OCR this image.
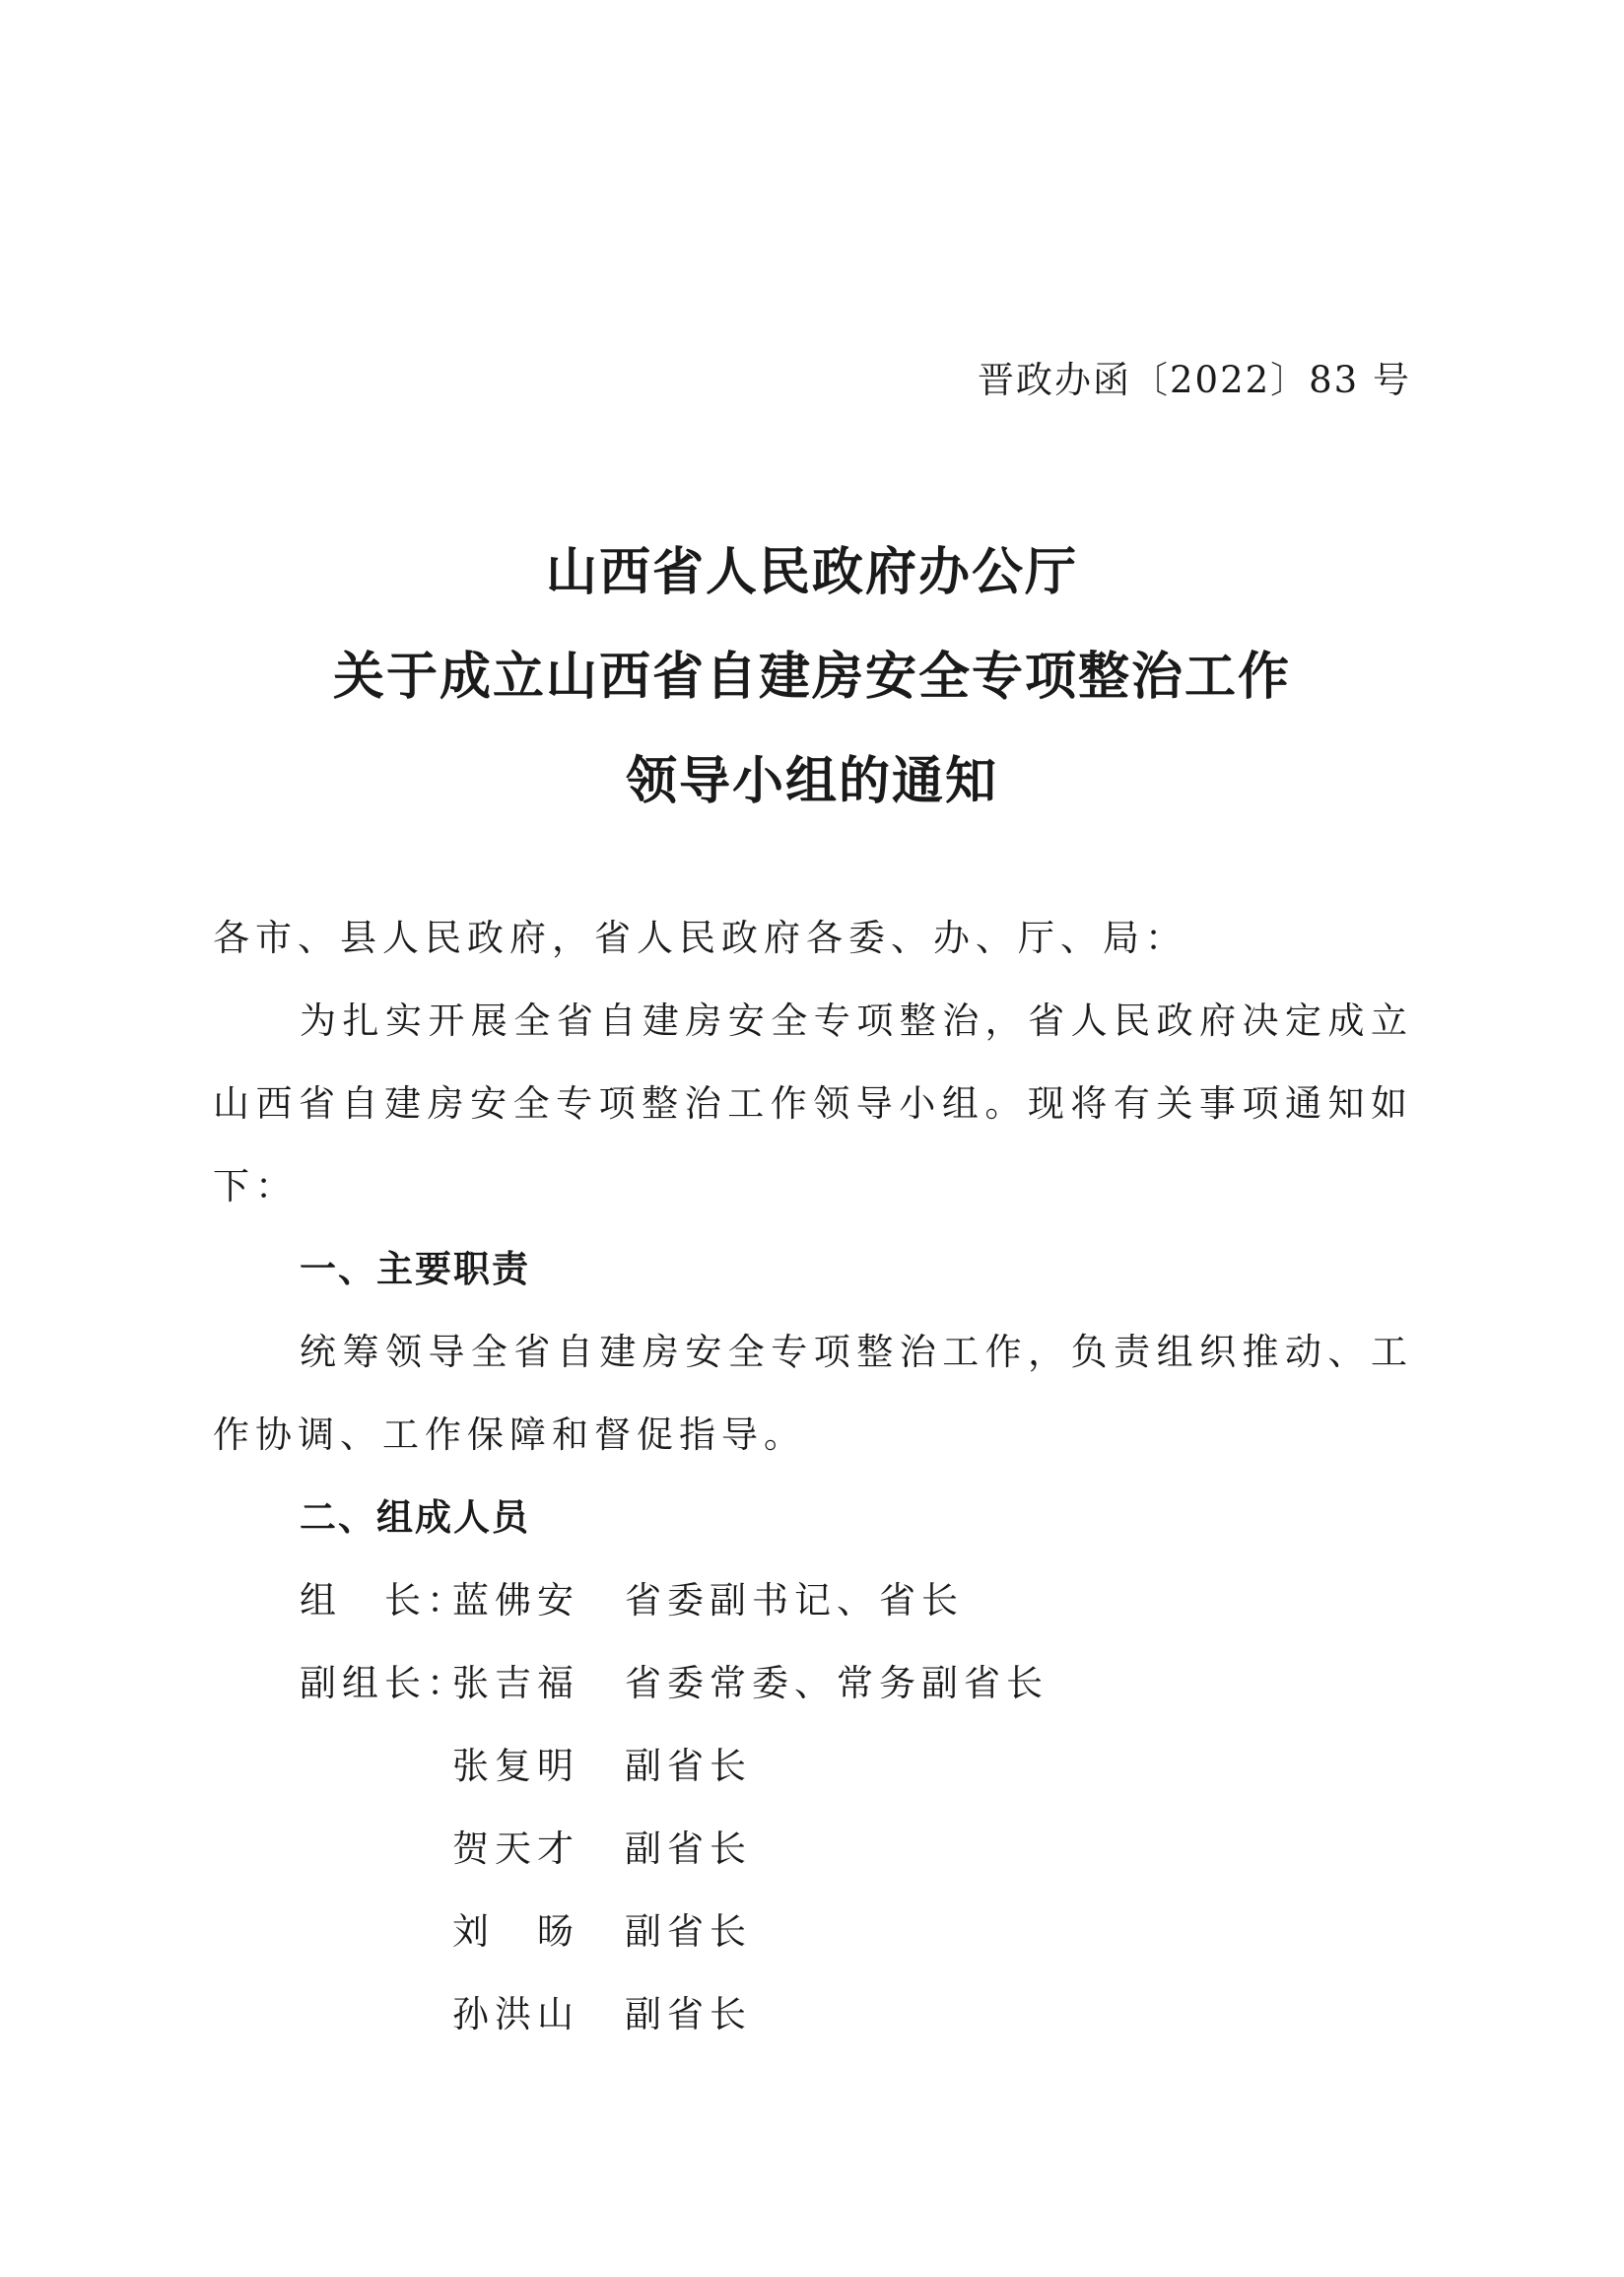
晋政办函〔2022〕83 号
山西省人民政府办公厅
关于成立山西省自建房安全专项整治工作
领导小组的通知

各市、县人民政府，省人民政府各委、办、厅、局：

为扎实开展全省自建房安全专项整治，省人民政府决定成立山西省自建房安全专项整治工作领导小组。现将有关事项通知如下：

一、主要职责

统筹领导全省自建房安全专项整治工作，负责组织推动、工作协调、工作保障和督促指导。

二、组成人员

组　长：
蓝佛安	省委副书记、省长
副组长：
张吉福	省委常委、常务副省长
张复明	副省长
贺天才	副省长
刘　旸	副省长
孙洪山	副省长
